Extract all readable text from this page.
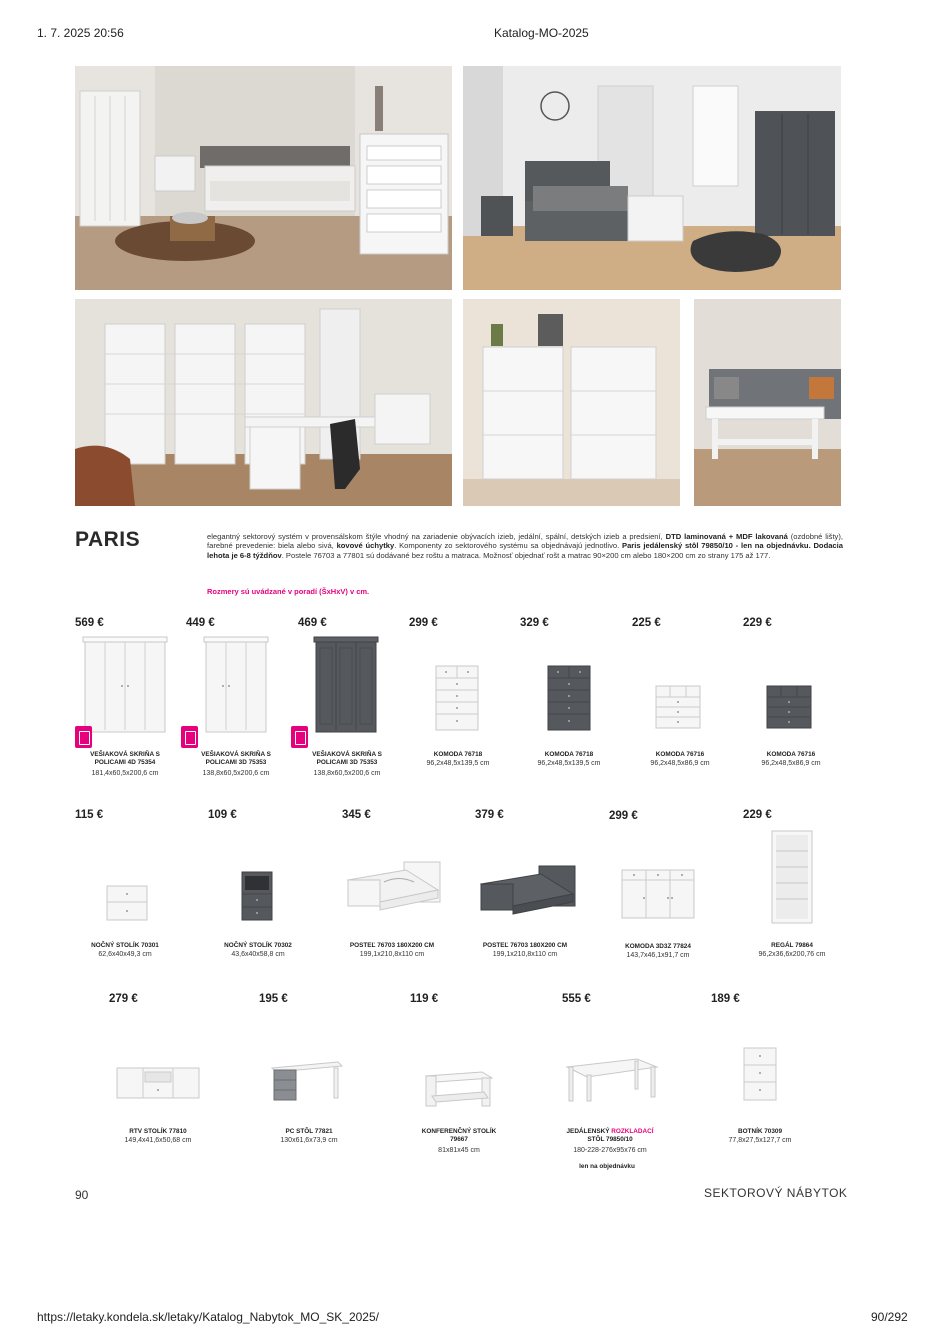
1. 7. 2025 20:56	Katalog-MO-2025
PARIS	elegantný sektorový systém v provensálskom štýle vhodný na zariadenie obývacích izieb, jedální, spální, detských izieb a predsiení, DTD laminovaná + MDF lakovaná (ozdobné lišty), farebné prevedenie: biela alebo sivá, kovové úchytky. Komponenty zo sektorového systému sa objednávajú jednotlivo. Paris jedálenský stôl 79850/10 - len na objednávku. Dodacia lehota je 6-8 týždňov. Postele 76703 a 77801 sú dodávané bez roštu a matraca. Možnosť objednať rošt a matrac 90×200 cm alebo 180×200 cm zo strany 175 až 177.
Rozmery sú uvádzané v poradí (ŠxHxV) v cm.
569 €	449 €	469 €	299 €	329 €	225 €	229 €
VEŠIAKOVÁ SKRIŇA S
POLICAMI 4D 75354
181,4x60,5x200,6 cm
VEŠIAKOVÁ SKRIŇA S
POLICAMI 3D 75353
138,8x60,5x200,6 cm
VEŠIAKOVÁ SKRIŇA S
POLICAMI 3D 75353
138,8x60,5x200,6 cm
KOMODA 76718
96,2x48,5x139,5 cm
KOMODA 76718
96,2x48,5x139,5 cm
KOMODA 76716
96,2x48,5x86,9 cm
KOMODA 76716
96,2x48,5x86,9 cm
115 €	109 €	345 €	379 €	299 €	229 €
NOČNÝ STOLÍK 70301
62,6x40x49,3 cm
NOČNÝ STOLÍK 70302
43,6x40x58,8 cm
POSTEĽ 76703 180X200 CM
199,1x210,8x110 cm
POSTEĽ 76703 180X200 CM
199,1x210,8x110 cm
KOMODA 3D3Z 77824
143,7x46,1x91,7 cm
REGÁL 79864
96,2x36,6x200,76 cm
279 €	195 €	119 €	555 €	189 €
RTV STOLÍK 77810
149,4x41,6x50,68 cm
PC STÔL 77821
130x61,6x73,9 cm
KONFERENČNÝ STOLÍK
79667
81x81x45 cm
JEDÁLENSKÝ ROZKLADACÍ
STÔL 79850/10
180-228-276x95x76 cm
len na objednávku
BOTNÍK 70309
77,8x27,5x127,7 cm
90	SEKTOROVÝ NÁBYTOK
https://letaky.kondela.sk/letaky/Katalog_Nabytok_MO_SK_2025/	90/292
